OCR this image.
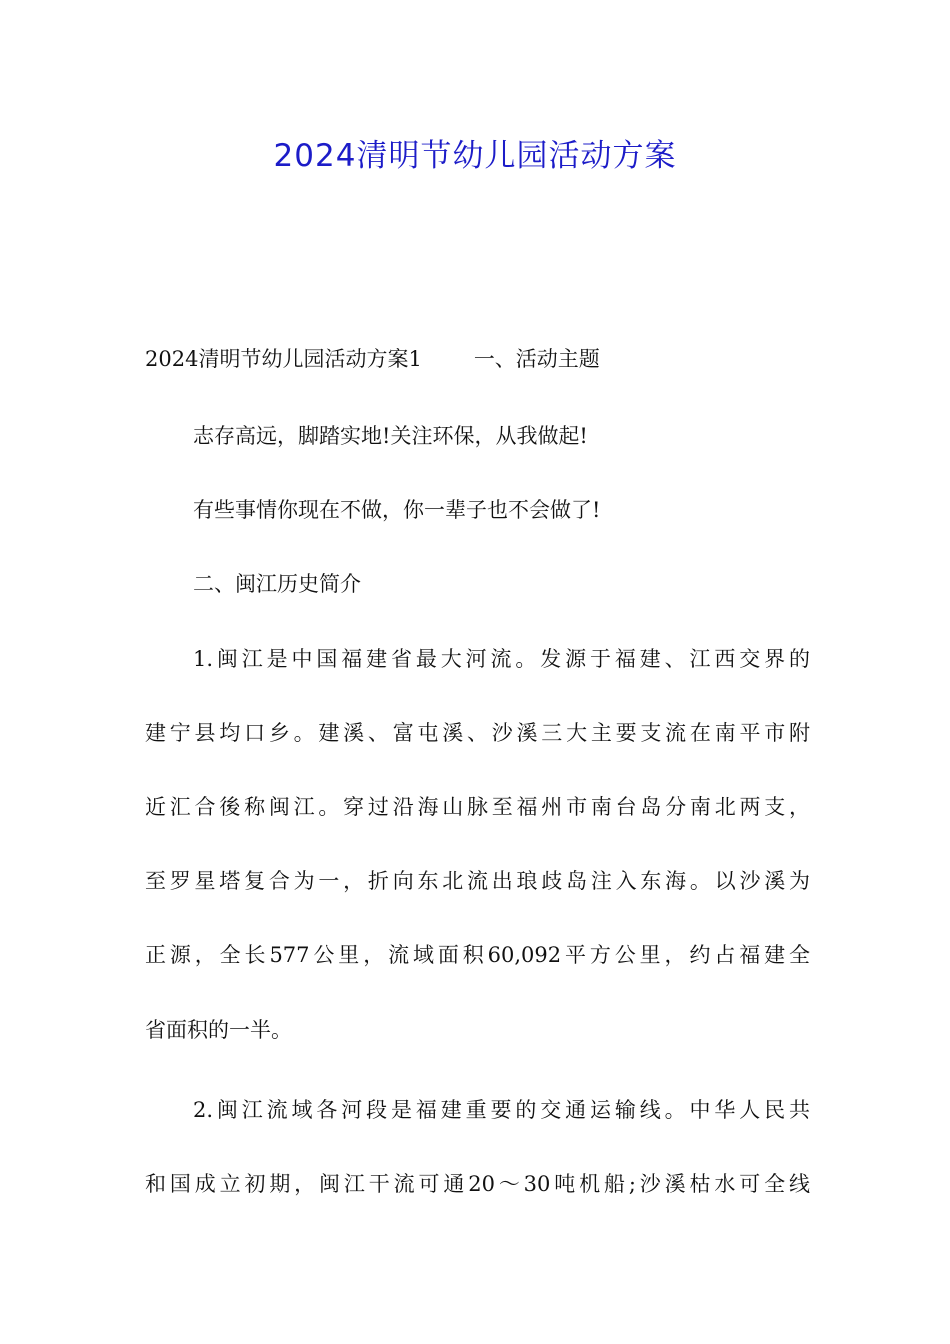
2024清明节幼儿园活动方案

2024清明节幼儿园活动方案1 一、活动主题

志存高远，脚踏实地!关注环保，从我做起!

有些事情你现在不做，你一辈子也不会做了!

二、闽江历史简介

1.闽江是中国福建省最大河流。发源于福建、江西交界的

建宁县均口乡。建溪、富屯溪、沙溪三大主要支流在南平市附

近汇合後称闽江。穿过沿海山脉至福州市南台岛分南北两支，

至罗星塔复合为一，折向东北流出琅歧岛注入东海。以沙溪为

正源，全长577公里，流域面积60,092平方公里，约占福建全

省面积的一半。

2.闽江流域各河段是福建重要的交通运输线。中华人民共

和国成立初期，闽江干流可通20～30吨机船;沙溪枯水可全线
